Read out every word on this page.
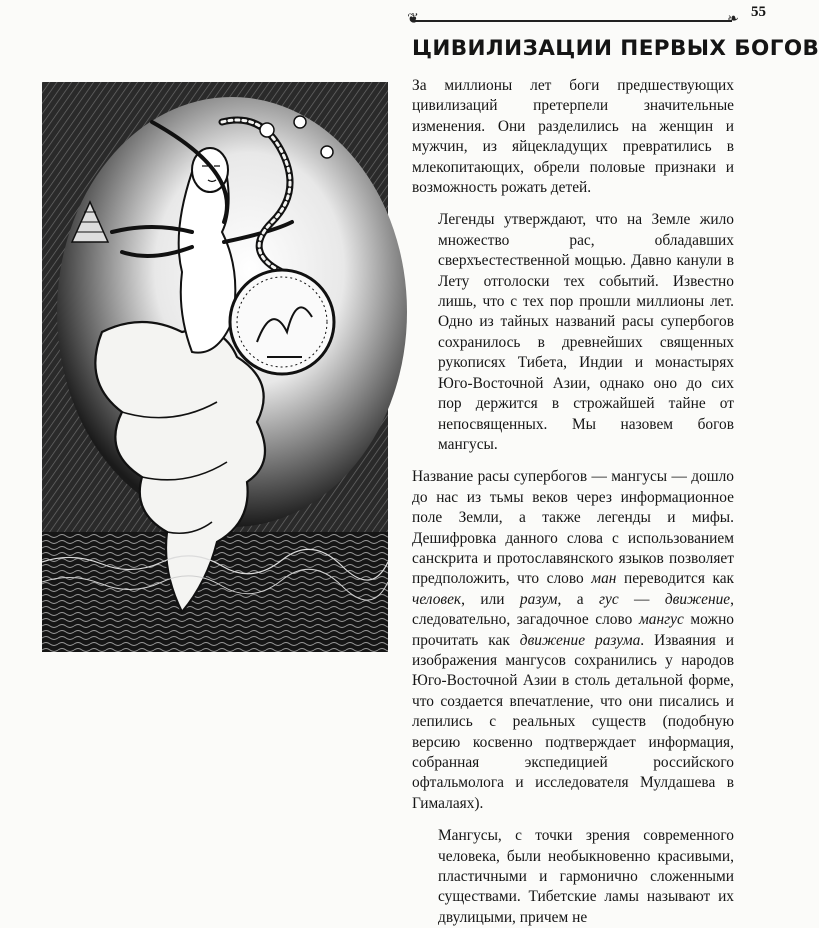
❦	❧ 55
ЦИВИЛИЗАЦИИ ПЕРВЫХ БОГОВ

За миллионы лет боги предшествующих цивилизаций претерпели значительные изменения. Они разделились на женщин и мужчин, из яйцекладущих превратились в млекопитающих, обрели половые признаки и возможность рожать детей.

Легенды утверждают, что на Земле жило множество рас, обладавших сверхъестественной мощью. Давно канули в Лету отголоски тех событий. Известно лишь, что с тех пор прошли миллионы лет. Одно из тайных названий расы супербогов сохранилось в древнейших священных рукописях Тибета, Индии и монастырях Юго-Восточной Азии, однако оно до сих пор держится в строжайшей тайне от непосвященных. Мы назовем богов мангусы.

Название расы супербогов — мангусы — дошло до нас из тьмы веков через информационное поле Земли, а также легенды и мифы. Дешифровка данного слова с использованием санскрита и протославянского языков позволяет предположить, что слово ман переводится как человек, или разум, а гус — движение, следовательно, загадочное слово мангус можно прочитать как движение разума. Изваяния и изображения мангусов сохранились у народов Юго-Восточной Азии в столь детальной форме, что создается впечатление, что они писались и лепились с реальных существ (подобную версию косвенно подтверждает информация, собранная экспедицией российского офтальмолога и исследователя Мулдашева в Гималаях).

Мангусы, с точки зрения современного человека, были необыкновенно красивыми, пластичными и гармонично сложенными существами. Тибетские ламы называют их двулицыми, причем не
